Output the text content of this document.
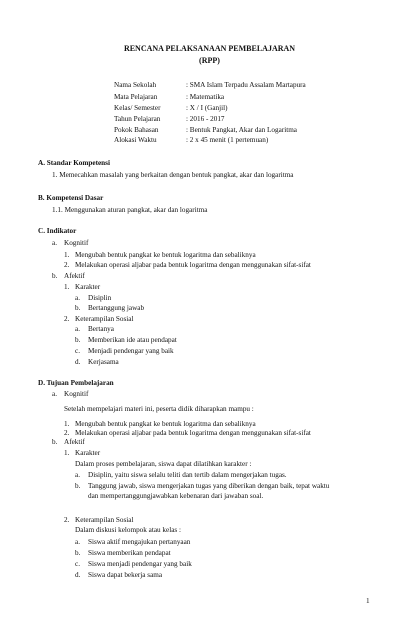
RENCANA PELAKSANAAN PEMBELAJARAN
(RPP)
Nama Sekolah	: SMA Islam Terpadu Assalam Martapura
Mata Pelajaran	: Matematika
Kelas/ Semester	: X / I (Ganjil)
Tahun Pelajaran	: 2016 - 2017
Pokok Bahasan	: Bentuk Pangkat, Akar dan Logaritma
Alokasi Waktu	: 2 x 45 menit (1 pertemuan)
A. Standar Kompetensi
1. Memecahkan masalah yang berkaitan dengan bentuk pangkat, akar dan logaritma
B. Kompetensi Dasar
1.1. Menggunakan aturan pangkat, akar dan logaritma
C. Indikator
a. Kognitif
1. Mengubah bentuk pangkat ke bentuk logaritma dan sebaliknya
2. Melakukan operasi aljabar pada bentuk logaritma dengan menggunakan sifat-sifat
b. Afektif
1. Karakter
a. Disiplin
b. Bertanggung jawab
2. Keterampilan Sosial
a. Bertanya
b. Memberikan ide atau pendapat
c. Menjadi pendengar yang baik
d. Kerjasama
D. Tujuan Pembelajaran
a. Kognitif
Setelah mempelajari materi ini, peserta didik diharapkan mampu :
1. Mengubah bentuk pangkat ke bentuk logaritma dan sebaliknya
2. Melakukan operasi aljabar pada bentuk logaritma dengan menggunakan sifat-sifat
b. Afektif
1. Karakter
Dalam proses pembelajaran, siswa dapat dilatihkan karakter :
a. Disiplin, yaitu siswa selalu teliti dan tertib dalam mengerjakan tugas.
b. Tanggung jawab, siswa mengerjakan tugas yang diberikan dengan baik, tepat waktu
dan mempertanggungjawabkan kebenaran dari jawaban soal.
2. Keterampilan Sosial
Dalam diskusi kelompok atau kelas :
a. Siswa aktif mengajukan pertanyaan
b. Siswa memberikan pendapat
c. Siswa menjadi pendengar yang baik
d. Siswa dapat bekerja sama
1
